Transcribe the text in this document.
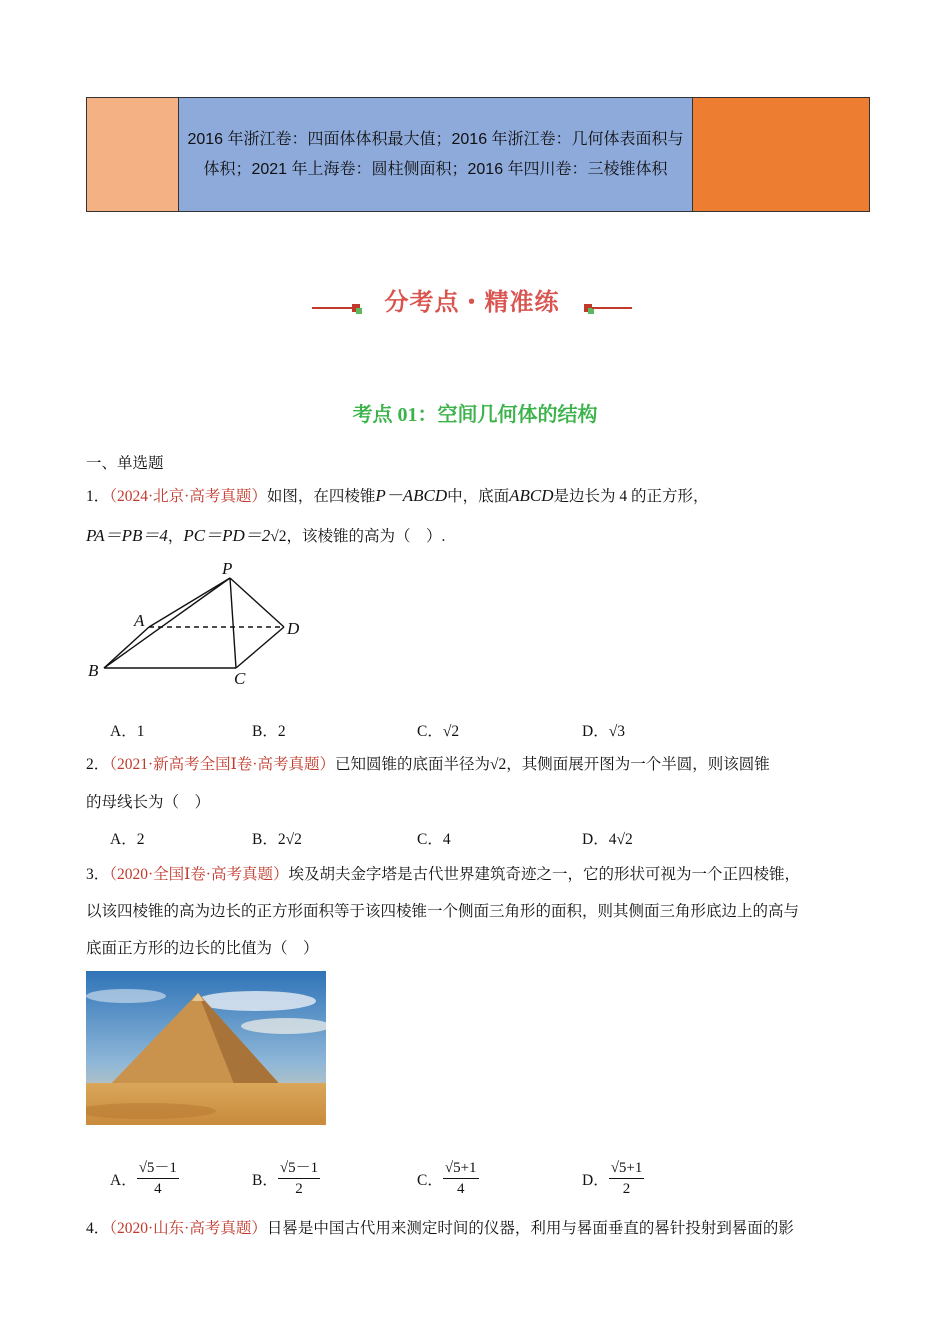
2016 年浙江卷：四面体体积最大值；2016 年浙江卷：几何体表面积与体积；2021 年上海卷：圆柱侧面积；2016 年四川卷：三棱锥体积
分考点・精准练
考点 01：空间几何体的结构
一、单选题
1．（2024·北京·高考真题）如图，在四棱锥P－ABCD中，底面ABCD是边长为 4 的正方形，
PA＝PB＝4，PC＝PD＝2√2，该棱锥的高为（　）.
P
A	D
B	C
A．1	B．2	C．√2	D．√3
2．（2021·新高考全国Ⅰ卷·高考真题）已知圆锥的底面半径为√2，其侧面展开图为一个半圆，则该圆锥
的母线长为（　）
A．2	B．2√2	C．4	D．4√2
3．（2020·全国Ⅰ卷·高考真题）埃及胡夫金字塔是古代世界建筑奇迹之一，它的形状可视为一个正四棱锥，
以该四棱锥的高为边长的正方形面积等于该四棱锥一个侧面三角形的面积，则其侧面三角形底边上的高与
底面正方形的边长的比值为（　）
A． $\frac{√5-1}{4}$	B． $\frac{√5-1}{2}$	C． $\frac{√5+1}{4}$	D． $\frac{√5+1}{2}$
4．（2020·山东·高考真题）日晷是中国古代用来测定时间的仪器，利用与晷面垂直的晷针投射到晷面的影
